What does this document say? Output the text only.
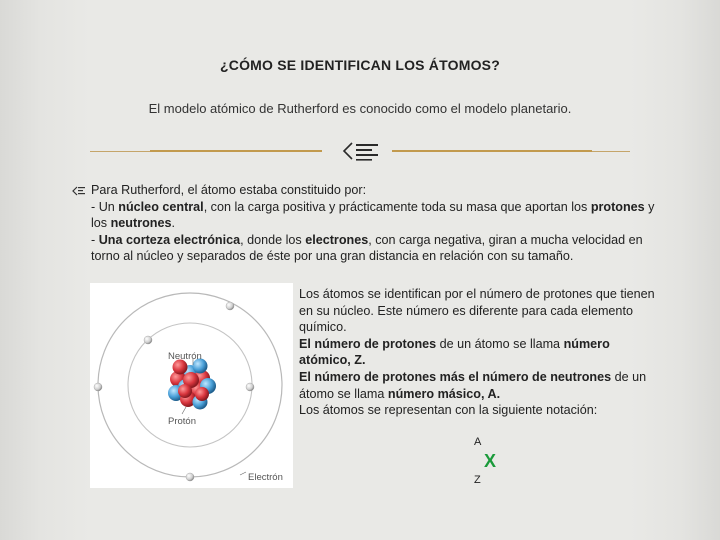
¿CÓMO SE IDENTIFICAN LOS ÁTOMOS?
El modelo atómico de Rutherford es conocido como el modelo planetario.
Para Rutherford, el átomo estaba constituido por:
- Un núcleo central, con la carga positiva y prácticamente toda su masa que aportan los protones y los neutrones.
- Una corteza electrónica, donde los electrones, con carga negativa, giran a mucha velocidad en torno al núcleo y separados de éste por una gran distancia en relación con su tamaño.
Neutrón
Protón
Electrón
Los átomos se identifican por el número de protones que tienen en su núcleo. Este número es diferente para cada elemento químico.
El número de protones de un átomo se llama número atómico, Z.
El número de protones más el número de neutrones de un átomo se llama número másico, A.
Los átomos se representan con la siguiente notación:
A
X
Z
